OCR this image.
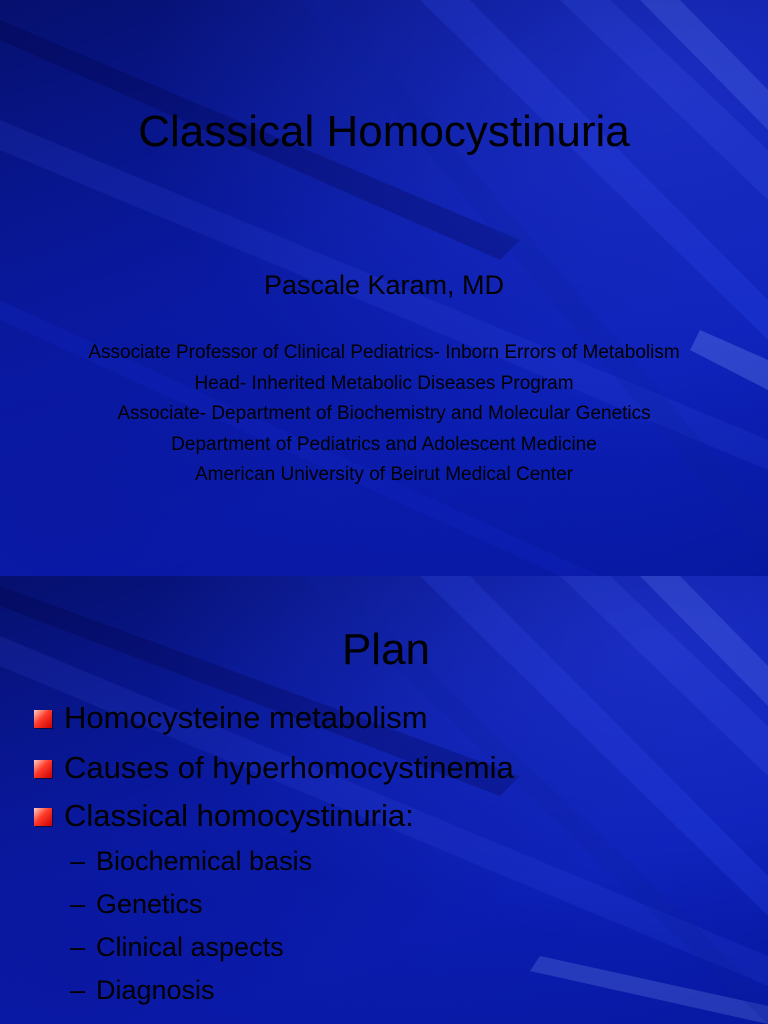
Classical Homocystinuria
Pascale Karam, MD
Associate Professor of Clinical Pediatrics- Inborn Errors of Metabolism
Head- Inherited Metabolic Diseases Program
Associate- Department of Biochemistry and Molecular Genetics
Department of Pediatrics and Adolescent Medicine
American University of Beirut Medical Center
Plan
Homocysteine metabolism
Causes of hyperhomocystinemia
Classical homocystinuria:
– Biochemical basis
– Genetics
– Clinical aspects
– Diagnosis
